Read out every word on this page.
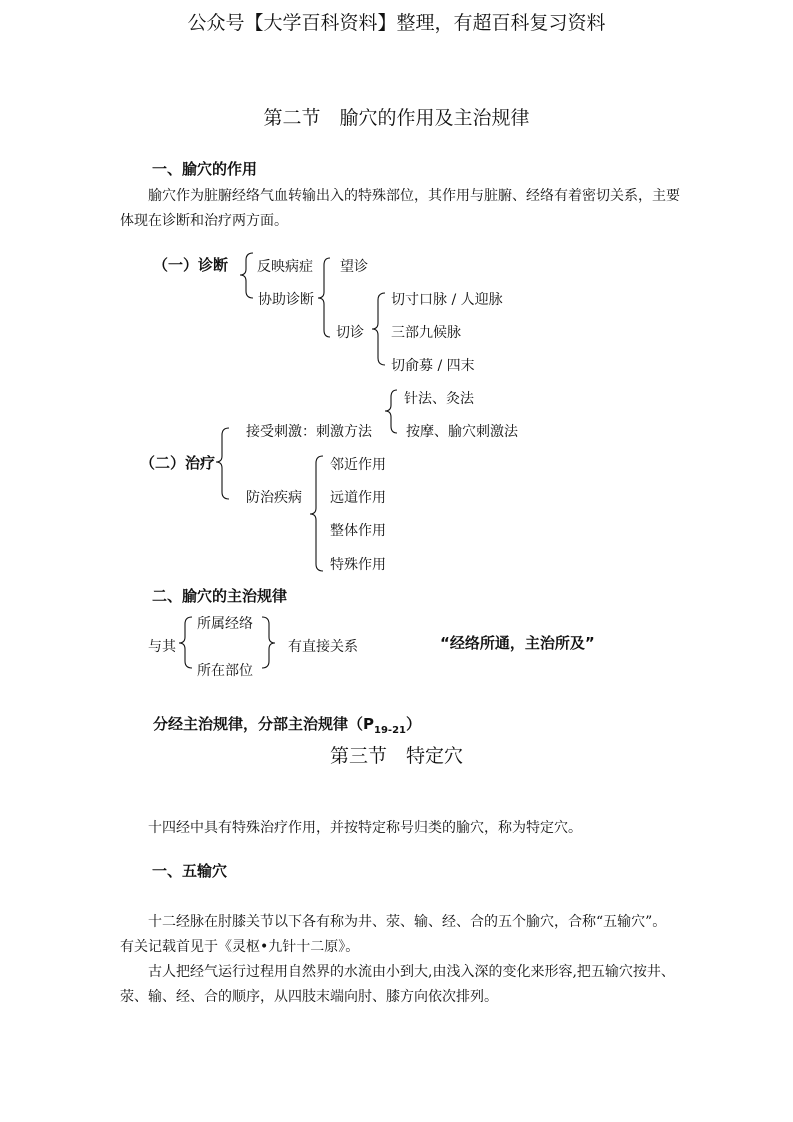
公众号【大学百科资料】整理，有超百科复习资料
第二节　腧穴的作用及主治规律
一、腧穴的作用
腧穴作为脏腑经络气血转输出入的特殊部位，其作用与脏腑、经络有着密切关系，主要
体现在诊断和治疗两方面。
（一）诊断 反映病症
协助诊断
望诊
切诊
切寸口脉 / 人迎脉
三部九候脉
切俞募 / 四末
针法、灸法
接受刺激：刺激方法 按摩、腧穴刺激法
（二）治疗	邻近作用
防治疾病 远道作用
整体作用
特殊作用
二、腧穴的主治规律
所属经络
与其	有直接关系	“经络所通，主治所及”
所在部位
分经主治规律，分部主治规律$(P_{19-21})$
第三节　特定穴
十四经中具有特殊治疗作用，并按特定称号归类的腧穴，称为特定穴。
一、五输穴
十二经脉在肘膝关节以下各有称为井、荥、输、经、合的五个腧穴，合称“五输穴”。
有关记载首见于《灵枢•九针十二原》。
古人把经气运行过程用自然界的水流由小到大,由浅入深的变化来形容,把五输穴按井、
荥、输、经、合的顺序，从四肢末端向肘、膝方向依次排列。
